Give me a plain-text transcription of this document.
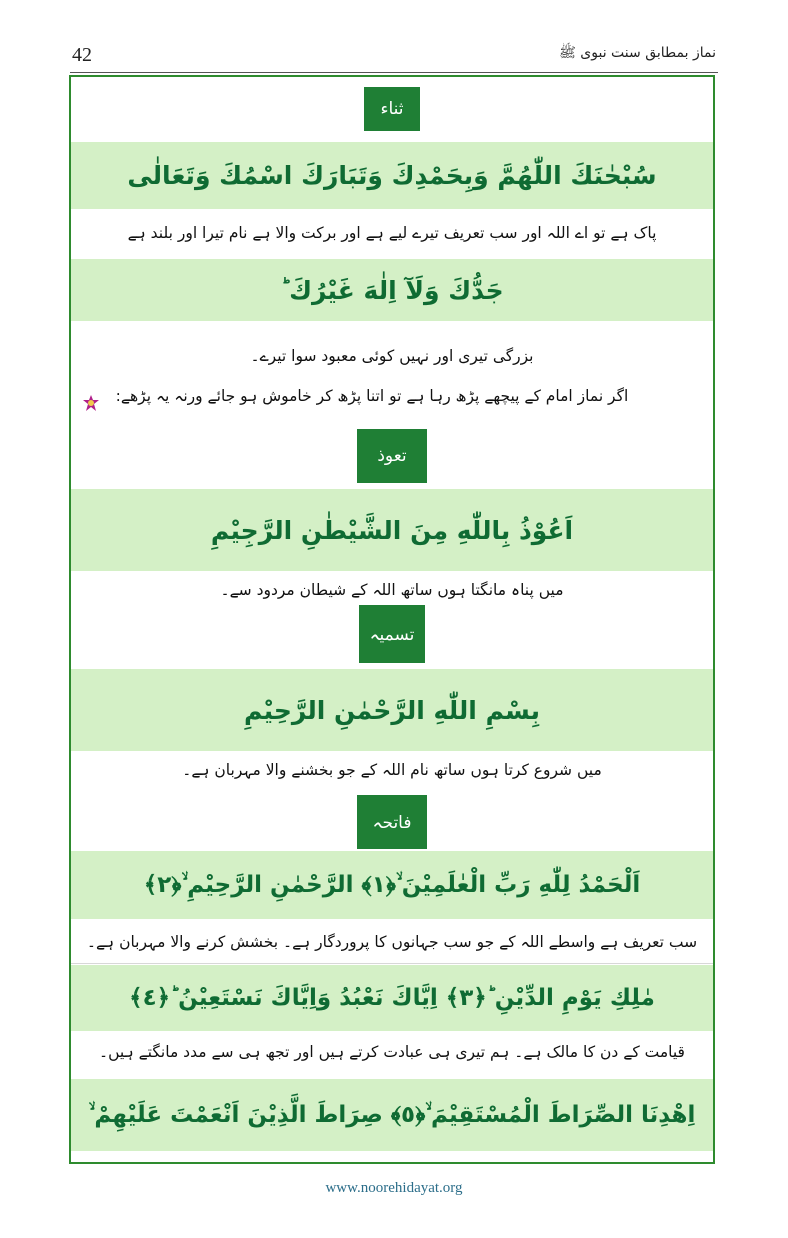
42	نماز بمطابق سنت نبوی ﷺ
ثناء
سُبْحٰنَكَ اللّٰهُمَّ وَبِحَمْدِكَ وَتَبَارَكَ اسْمُكَ وَتَعَالٰى
پاک ہے تو اے اللہ اور سب تعریف تیرے لیے ہے اور برکت والا ہے نام تیرا اور بلند ہے
جَدُّكَ وَلَآ اِلٰهَ غَيْرُكَ ؕ
بزرگی تیری اور نہیں کوئی معبود سوا تیرے۔
اگر نماز امام کے پیچھے پڑھ رہا ہے تو اتنا پڑھ کر خاموش ہو جائے ورنہ یہ پڑھے:
تعوذ
اَعُوْذُ بِاللّٰهِ مِنَ الشَّيْطٰنِ الرَّجِيْمِ
میں پناہ مانگتا ہوں ساتھ اللہ کے شیطان مردود سے۔
تسمیہ
بِسْمِ اللّٰهِ الرَّحْمٰنِ الرَّحِيْمِ
میں شروع کرتا ہوں ساتھ نام اللہ کے جو بخشنے والا مہربان ہے۔
فاتحہ
اَلْحَمْدُ لِلّٰهِ رَبِّ الْعٰلَمِيْنَ ۙ﴿١﴾ الرَّحْمٰنِ الرَّحِيْمِ ۙ﴿٢﴾
سب تعریف ہے واسطے اللہ کے جو سب جہانوں کا پروردگار ہے۔ بخشش کرنے والا مہربان ہے۔
مٰلِكِ يَوْمِ الدِّيْنِ ؕ﴿٣﴾ اِيَّاكَ نَعْبُدُ وَاِيَّاكَ نَسْتَعِيْنُ ؕ﴿٤﴾
قیامت کے دن کا مالک ہے۔ ہم تیری ہی عبادت کرتے ہیں اور تجھ ہی سے مدد مانگتے ہیں۔
اِهْدِنَا الصِّرَاطَ الْمُسْتَقِيْمَ ۙ﴿٥﴾ صِرَاطَ الَّذِيْنَ اَنْعَمْتَ عَلَيْهِمْ ۙ
www.noorehidayat.org
